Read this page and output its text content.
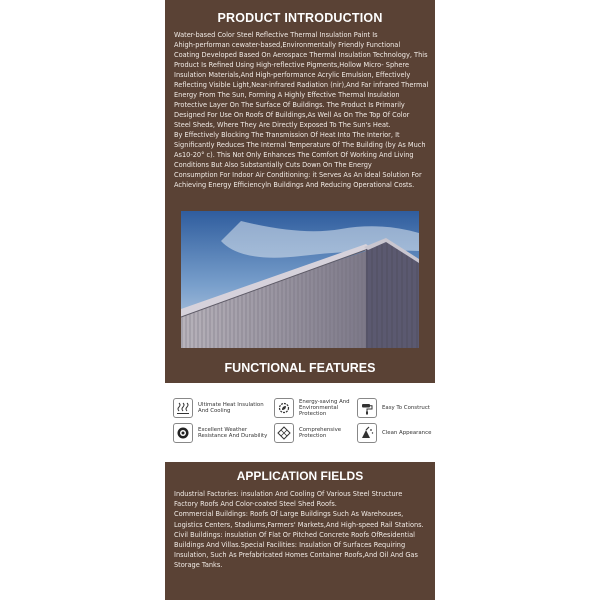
PRODUCT INTRODUCTION
Water-based Color Steel Reflective Thermal Insulation Paint Is
Ahigh-performan cewater-based,Environmentally Friendly Functional
Coating Developed Based On Aerospace Thermal Insulation Technology, This
Product Is Refined Using High-reflective Pigments,Hollow Micro- Sphere
Insulation Materials,And High-performance Acrylic Emulsion, Effectively
Reflecting Visible Light,Near-infrared Radiation (nir),And Far infrared Thermal
Energy From The Sun, Forming A Highly Effective Thermal Insulation
Protective Layer On The Surface Of Buildings. The Product Is Primarily
Designed For Use On Roofs Of Buildings,As Well As On The Top Of Color
Steel Sheds, Where They Are Directly Exposed To The Sun's Heat.
By Effectively Blocking The Transmission Of Heat Into The Interior, It
Significantly Reduces The Internal Temperature Of The Building (by As Much
As10-20° c). This Not Only Enhances The Comfort Of Working And Living
Conditions But Also Substantially Cuts Down On The Energy
Consumption For Indoor Air Conditioning: it Serves As An Ideal Solution For
Achieving Energy Efficiencyln Buildings And Reducing Operational Costs.
FUNCTIONAL FEATURES
Ultimate Heat Insulation
And Cooling
Energy-saving And
Environmental
Protection
Easy To Construct
Excellent Weather
Resistance And Durability
Comprehensive
Protection	Clean Appearance
APPLICATION FIELDS
Industrial Factories: insulation And Cooling Of Various Steel Structure
Factory Roofs And Color-coated Steel Shed Roofs.
Commercial Buildings: Roofs Of Large Buildings Such As Warehouses,
Logistics Centers, Stadiums,Farmers' Markets,And High-speed Rail Stations.
Civil Buildings: insulation Of Flat Or Pitched Concrete Roofs OfResidential
Buildings And Villas.Special Facilities: Insulation Of Surfaces Requiring
Insulation, Such As Prefabricated Homes Container Roofs,And Oil And Gas
Storage Tanks.
